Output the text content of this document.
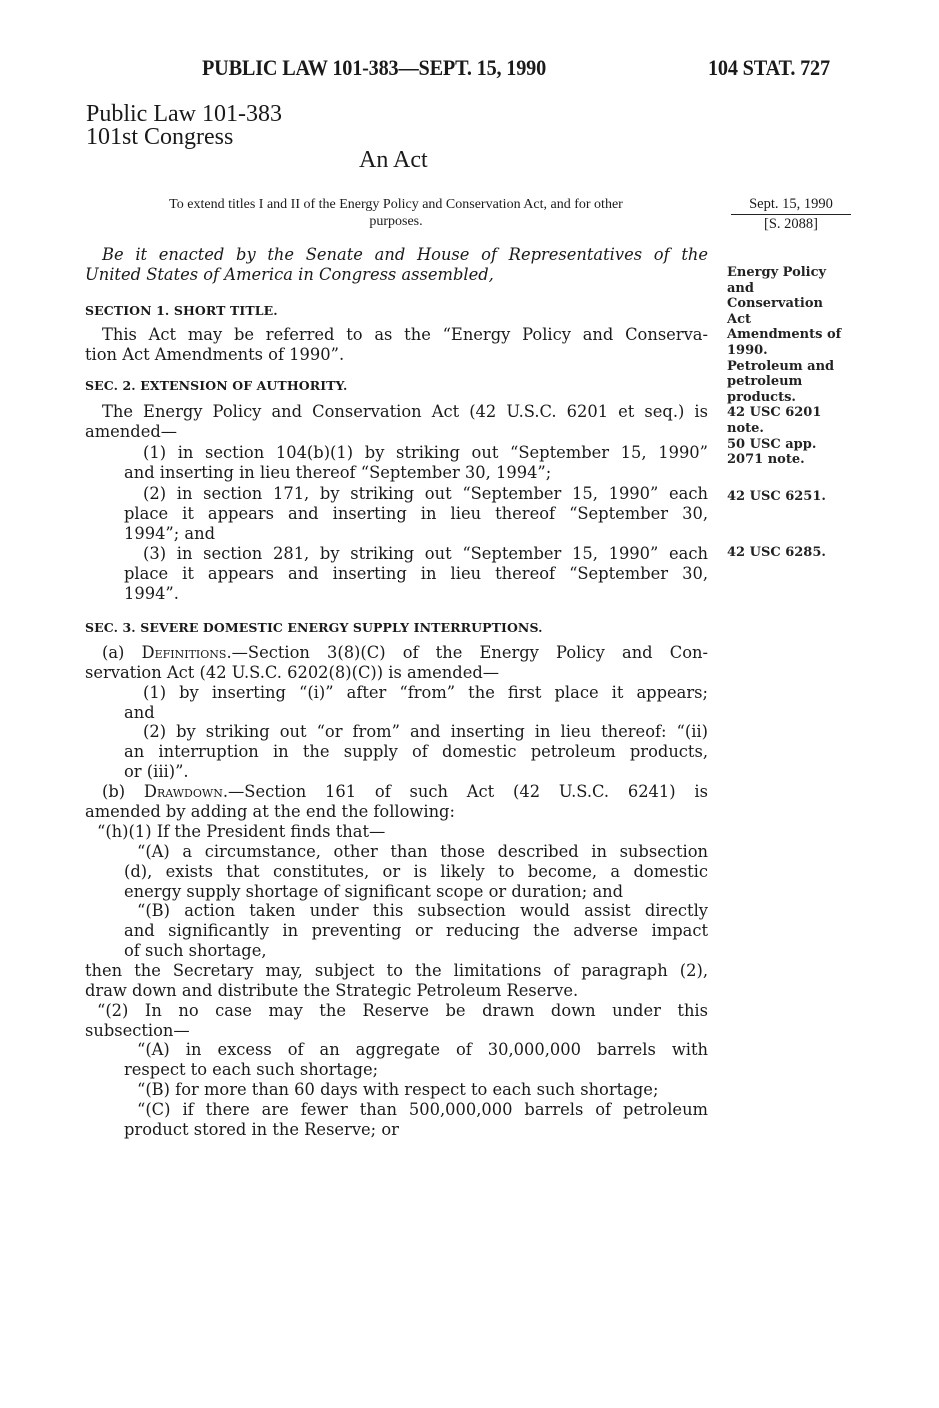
PUBLIC LAW 101-383—SEPT. 15, 1990	104 STAT. 727
Public Law 101-383
101st Congress
An Act
To extend titles I and II of the Energy Policy and Conservation Act, and for other
purposes.
Sept. 15, 1990
[S. 2088]
Energy Policy
and
Conservation
Act
Amendments of
1990.
Petroleum and
petroleum
products.
42 USC 6201
note.
50 USC app.
2071 note.
42 USC 6251.
42 USC 6285.
SECTION 1. SHORT TITLE.
SEC. 2. EXTENSION OF AUTHORITY.
SEC. 3. SEVERE DOMESTIC ENERGY SUPPLY INTERRUPTIONS.
Be it enacted by the Senate and House of Representatives of the
United States of America in Congress assembled,
This Act may be referred to as the “Energy Policy and Conserva-
tion Act Amendments of 1990”.
The Energy Policy and Conservation Act (42 U.S.C. 6201 et seq.) is
amended—
(1) in section 104(b)(1) by striking out “September 15, 1990”
and inserting in lieu thereof “September 30, 1994”;
(2) in section 171, by striking out “September 15, 1990” each
place it appears and inserting in lieu thereof “September 30,
1994”; and
(3) in section 281, by striking out “September 15, 1990” each
place it appears and inserting in lieu thereof “September 30,
1994”.
(a) Definitions.—Section 3(8)(C) of the Energy Policy and Con-
servation Act (42 U.S.C. 6202(8)(C)) is amended—
(1) by inserting “(i)” after “from” the first place it appears;
and
(2) by striking out “or from” and inserting in lieu thereof: “(ii)
an interruption in the supply of domestic petroleum products,
or (iii)”.
(b) Drawdown.—Section 161 of such Act (42 U.S.C. 6241) is
amended by adding at the end the following:
“(h)(1) If the President finds that—
“(A) a circumstance, other than those described in subsection
(d), exists that constitutes, or is likely to become, a domestic
energy supply shortage of significant scope or duration; and
“(B) action taken under this subsection would assist directly
and significantly in preventing or reducing the adverse impact
of such shortage,
then the Secretary may, subject to the limitations of paragraph (2),
draw down and distribute the Strategic Petroleum Reserve.
“(2) In no case may the Reserve be drawn down under this
subsection—
“(A) in excess of an aggregate of 30,000,000 barrels with
respect to each such shortage;
“(B) for more than 60 days with respect to each such shortage;
“(C) if there are fewer than 500,000,000 barrels of petroleum
product stored in the Reserve; or
